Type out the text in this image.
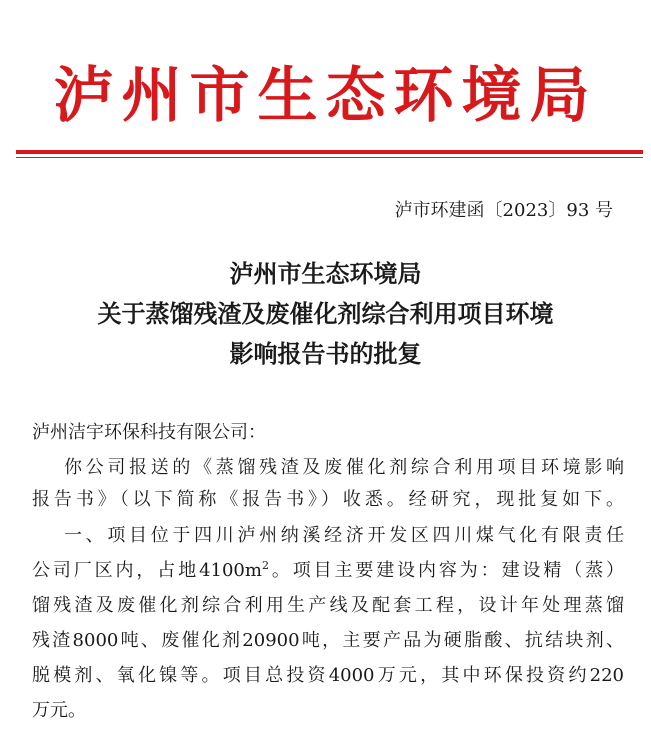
泸州市生态环境局
泸市环建函〔2023〕93 号
泸州市生态环境局
关于蒸馏残渣及废催化剂综合利用项目环境
影响报告书的批复
泸州洁宇环保科技有限公司：
你公司报送的《蒸馏残渣及废催化剂综合利用项目环境影响
报告书》（以下简称《报告书》）收悉。经研究，现批复如下。
一、项目位于四川泸州纳溪经济开发区四川煤气化有限责任
公司厂区内，占地$4100m^2$。项目主要建设内容为：建设精（蒸）
馏残渣及废催化剂综合利用生产线及配套工程，设计年处理蒸馏
残渣8000吨、废催化剂20900吨，主要产品为硬脂酸、抗结块剂、
脱模剂、氧化镍等。项目总投资4000万元，其中环保投资约220
万元。
